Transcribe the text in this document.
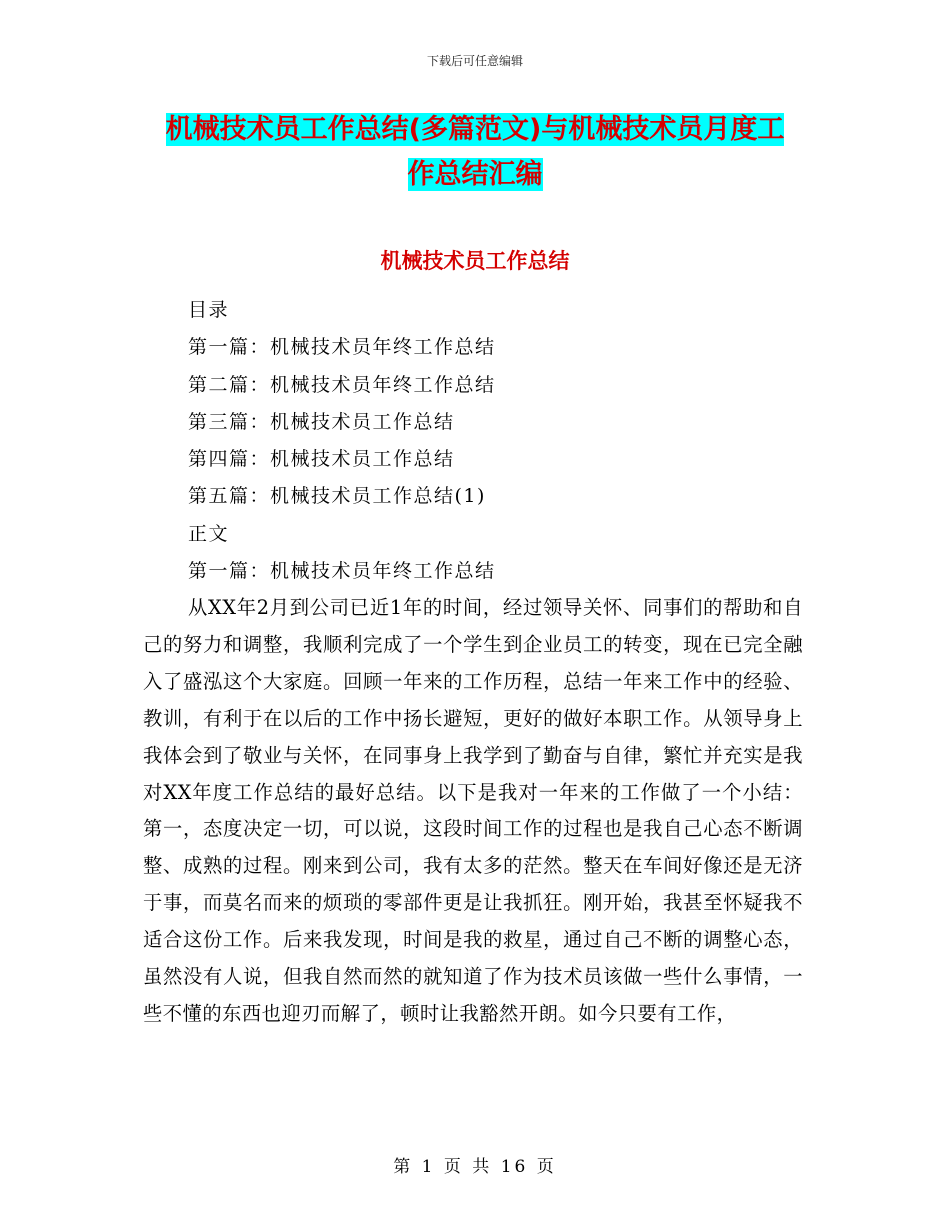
下载后可任意编辑
机械技术员工作总结(多篇范文)与机械技术员月度工
作总结汇编
机械技术员工作总结
目录
第一篇：机械技术员年终工作总结
第二篇：机械技术员年终工作总结
第三篇：机械技术员工作总结
第四篇：机械技术员工作总结
第五篇：机械技术员工作总结(1)
正文
第一篇：机械技术员年终工作总结

从XX年2月到公司已近1年的时间，经过领导关怀、同事们的帮助和自己的努力和调整，我顺利完成了一个学生到企业员工的转变，现在已完全融入了盛泓这个大家庭。回顾一年来的工作历程，总结一年来工作中的经验、教训，有利于在以后的工作中扬长避短，更好的做好本职工作。从领导身上我体会到了敬业与关怀，在同事身上我学到了勤奋与自律，繁忙并充实是我对XX年度工作总结的最好总结。以下是我对一年来的工作做了一个小结：第一，态度决定一切，可以说，这段时间工作的过程也是我自己心态不断调整、成熟的过程。刚来到公司，我有太多的茫然。整天在车间好像还是无济于事，而莫名而来的烦琐的零部件更是让我抓狂。刚开始，我甚至怀疑我不适合这份工作。后来我发现，时间是我的救星，通过自己不断的调整心态，虽然没有人说，但我自然而然的就知道了作为技术员该做一些什么事情，一些不懂的东西也迎刃而解了，顿时让我豁然开朗。如今只要有工作，

第 1 页 共 16 页
